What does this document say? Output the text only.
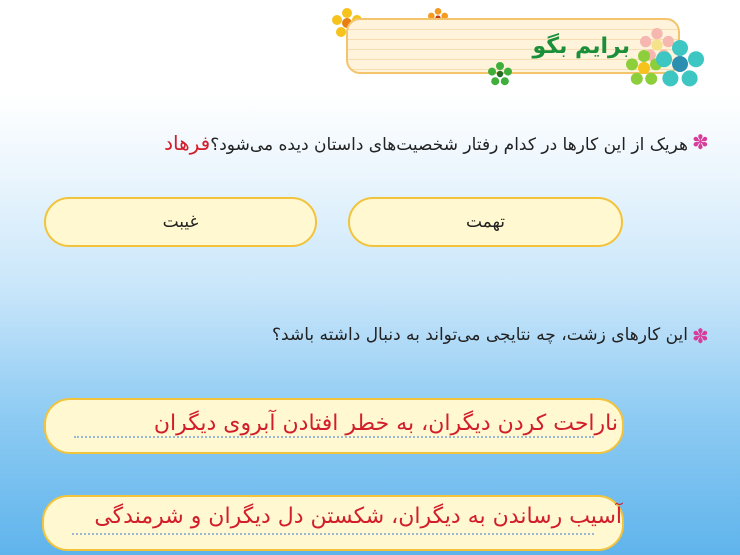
برایم بگو
✽
هریک از این کارها در کدام رفتار شخصیت‌های داستان دیده می‌شود؟فرهاد
غیبت	تهمت
✽
این کارهای زشت، چه نتایجی می‌تواند به دنبال داشته باشد؟
ناراحت کردن دیگران، به خطر افتادن آبروی دیگران
آسیب رساندن به دیگران، شکستن دل دیگران و شرمندگی
